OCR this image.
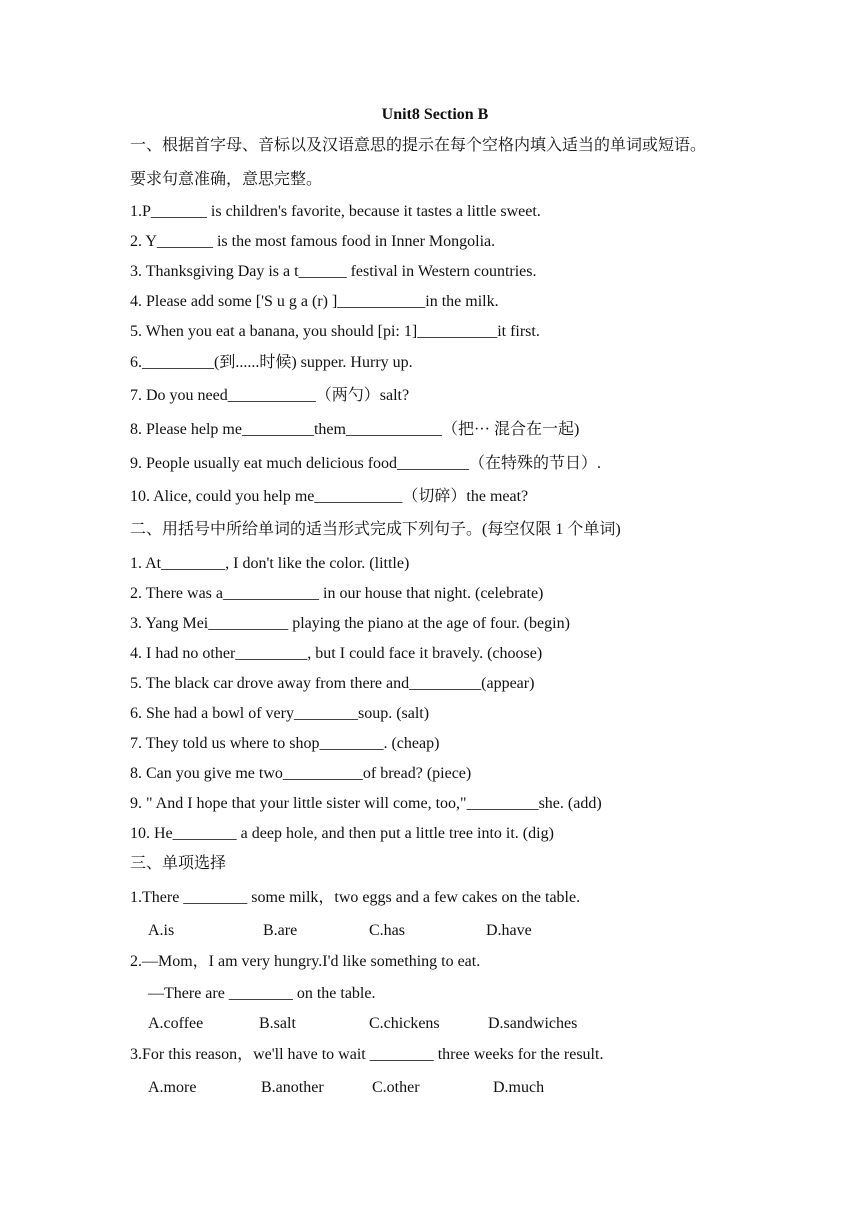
Unit8 Section B
一、根据首字母、音标以及汉语意思的提示在每个空格内填入适当的单词或短语。
要求句意准确，意思完整。
1.P_______ is children's favorite, because it tastes a little sweet.
2. Y_______ is the most famous food in Inner Mongolia.
3. Thanksgiving Day is a t______ festival in Western countries.
4. Please add some ['S u g a (r) ]___________in the milk.
5. When you eat a banana, you should [pi: 1]__________it first.
6._________(到......时候) supper. Hurry up.
7. Do you need___________（两勺）salt?
8. Please help me_________them____________（把··· 混合在一起)
9. People usually eat much delicious food_________（在特殊的节日）.
10. Alice, could you help me___________（切碎）the meat?
二、用括号中所给单词的适当形式完成下列句子。(每空仅限 1 个单词)
1. At________, I don't like the color. (little)
2. There was a____________ in our house that night. (celebrate)
3. Yang Mei__________ playing the piano at the age of four. (begin)
4. I had no other_________, but I could face it bravely. (choose)
5. The black car drove away from there and_________(appear)
6. She had a bowl of very________soup. (salt)
7. They told us where to shop________. (cheap)
8. Can you give me two__________of bread? (piece)
9. " And I hope that your little sister will come, too,"_________she. (add)
10. He________ a deep hole, and then put a little tree into it. (dig)
三、单项选择
1.There ________ some milk，two eggs and a few cakes on the table.
A.is	B.are	C.has	D.have
2.—Mom，I am very hungry.I'd like something to eat.
—There are ________ on the table.
A.coffee	B.salt	C.chickens	D.sandwiches
3.For this reason，we'll have to wait ________ three weeks for the result.
A.more	B.another	C.other	D.much
